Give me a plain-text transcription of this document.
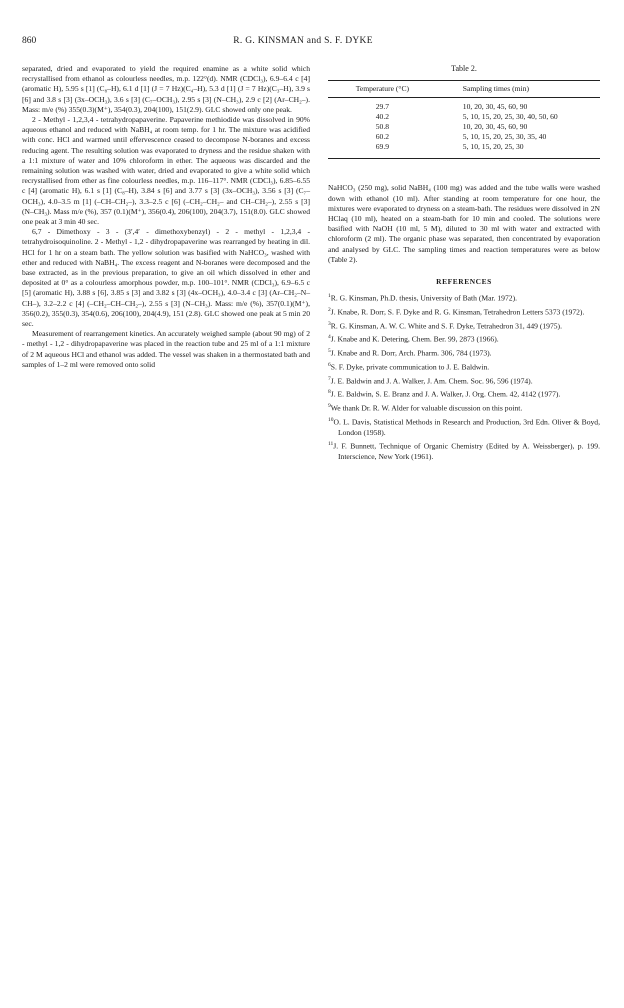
860	R. G. KINSMAN and S. F. DYKE

separated, dried and evaporated to yield the required enamine as a white solid which recrystallised from ethanol as colourless needles, m.p. 122°(d). NMR (CDCl₃), 6.9–6.4 c [4] (aromatic H), 5.95 s [1] (C₈–H), 6.1 d [1] (J = 7 Hz)(C₄–H), 5.3 d [1] (J = 7 Hz)(C₃–H), 3.9 s [6] and 3.8 s [3] (3x–OCH₃), 3.6 s [3] (C₇–OCH₃), 2.95 s [3] (N–CH₃), 2.9 c [2] (Ar–CH₂–). Mass: m/e (%) 355(0.3)(M⁺), 354(0.3), 204(100), 151(2.9). GLC showed only one peak.

2 - Methyl - 1,2,3,4 - tetrahydropapaverine. Papaverine methiodide was dissolved in 90% aqueous ethanol and reduced with NaBH₄ at room temp. for 1 hr. The mixture was acidified with conc. HCl and warmed until effervescence ceased to decompose N-boranes and excess reducing agent. The resulting solution was evaporated to dryness and the residue shaken with a 1:1 mixture of water and 10% chloroform in ether. The aqueous was discarded and the remaining solution was washed with water, dried and evaporated to give a white solid which recrystallised from ether as fine colourless needles, m.p. 116–117°. NMR (CDCl₃), 6.85–6.55 c [4] (aromatic H), 6.1 s [1] (C₈–H), 3.84 s [6] and 3.77 s [3] (3x–OCH₃), 3.56 s [3] (C₇–OCH₃), 4.0–3.5 m [1] (–CH–CH₂–), 3.3–2.5 c [6] (–CH₂–CH₂– and CH–CH₂–), 2.55 s [3] (N–CH₃). Mass m/e (%), 357 (0.1)(M⁺), 356(0.4), 206(100), 204(3.7), 151(8.0). GLC showed one peak at 3 min 40 sec.

6,7 - Dimethoxy - 3 - (3′,4′ - dimethoxybenzyl) - 2 - methyl - 1,2,3,4 - tetrahydroisoquinoline. 2 - Methyl - 1,2 - dihydropapaverine was rearranged by heating in dil. HCl for 1 hr on a steam bath. The yellow solution was basified with NaHCO₃, washed with ether and reduced with NaBH₄. The excess reagent and N-boranes were decomposed and the base extracted, as in the previous preparation, to give an oil which dissolved in ether and deposited at 0° as a colourless amorphous powder, m.p. 100–101°. NMR (CDCl₃), 6.9–6.5 c [5] (aromatic H), 3.88 s [6], 3.85 s [3] and 3.82 s [3] (4x–OCH₃), 4.0–3.4 c [3] (Ar–CH₂–N–CH–), 3.2–2.2 c [4] (–CH₂–CH–CH₂–), 2.55 s [3] (N–CH₃). Mass: m/e (%), 357(0.1)(M⁺), 356(0.2), 355(0.3), 354(0.6), 206(100), 204(4.9), 151 (2.8). GLC showed one peak at 5 min 20 sec.

Measurement of rearrangement kinetics. An accurately weighed sample (about 90 mg) of 2 - methyl - 1,2 - dihydropapaverine was placed in the reaction tube and 25 ml of a 1:1 mixture of 2 M aqueous HCl and ethanol was added. The vessel was shaken in a thermostated bath and samples of 1–2 ml were removed onto solid

Table 2.
Temperature (°C)	Sampling times (min)
29.7	10, 20, 30, 45, 60, 90
40.2	5, 10, 15, 20, 25, 30, 40, 50, 60
50.8	10, 20, 30, 45, 60, 90
60.2	5, 10, 15, 20, 25, 30, 35, 40
69.9	5, 10, 15, 20, 25, 30

NaHCO₃ (250 mg), solid NaBH₄ (100 mg) was added and the tube walls were washed down with ethanol (10 ml). After standing at room temperature for one hour, the mixtures were evaporated to dryness on a steam-bath. The residues were dissolved in 2N HClaq (10 ml), heated on a steam-bath for 10 min and cooled. The solutions were basified with NaOH (10 ml, 5 M), diluted to 30 ml with water and extracted with chloroform (2 ml). The organic phase was separated, then concentrated by evaporation and analysed by GLC. The sampling times and reaction temperatures were as below (Table 2).

REFERENCES
$^1$R. G. Kinsman, Ph.D. thesis, University of Bath (Mar. 1972).
$^2$J. Knabe, R. Dorr, S. F. Dyke and R. G. Kinsman, Tetrahedron Letters 5373 (1972).
$^3$R. G. Kinsman, A. W. C. White and S. F. Dyke, Tetrahedron 31, 449 (1975).
$^4$J. Knabe and K. Detering, Chem. Ber. 99, 2873 (1966).
$^5$J. Knabe and R. Dorr, Arch. Pharm. 306, 784 (1973).
$^6$S. F. Dyke, private communication to J. E. Baldwin.
$^7$J. E. Baldwin and J. A. Walker, J. Am. Chem. Soc. 96, 596 (1974).
$^8$J. E. Baldwin, S. E. Branz and J. A. Walker, J. Org. Chem. 42, 4142 (1977).
$^9$We thank Dr. R. W. Alder for valuable discussion on this point.
$^{10}$O. L. Davis, Statistical Methods in Research and Production, 3rd Edn. Oliver & Boyd, London (1958).
$^{11}$J. F. Bunnett, Technique of Organic Chemistry (Edited by A. Weissberger), p. 199. Interscience, New York (1961).
